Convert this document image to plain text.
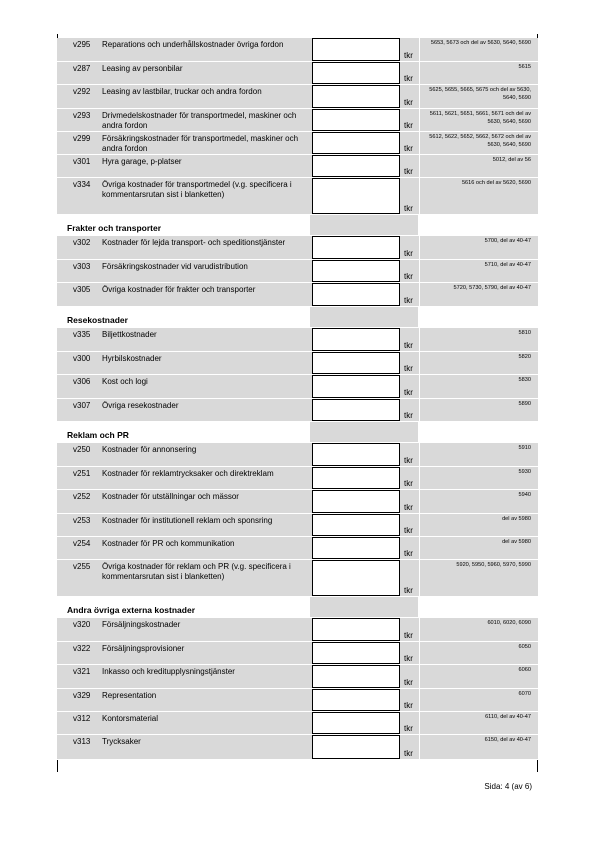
v295 Reparations och underhållskostnader övriga fordon
tkr
5653, 5673 och del av 5630, 5640, 5690
v287 Leasing av personbilar
tkr
5615
v292 Leasing av lastbilar, truckar och andra fordon
tkr
5625, 5655, 5665, 5675 och del av 5630, 5640, 5690
v293 Drivmedelskostnader för transportmedel, maskiner och andra fordon	tkr
5611, 5621, 5651, 5661, 5671 och del av 5630, 5640, 5690
v299 Försäkringskostnader för transportmedel, maskiner och andra fordon	tkr
5612, 5622, 5652, 5662, 5672 och del av 5630, 5640, 5690
v301 Hyra garage, p-platser
tkr
5012, del av 56
v334 Övriga kostnader för transportmedel (v.g. specificera i kommentarsrutan sist i blanketten)
tkr
5616 och del av 5620, 5690
Frakter och transporter
v302 Kostnader för lejda transport- och speditionstjänster
tkr
5700, del av 40-47
v303 Försäkringskostnader vid varudistribution
tkr
5710, del av 40-47
v305 Övriga kostnader för frakter och transporter
tkr
5720, 5730, 5790, del av 40-47
Resekostnader
v335 Biljettkostnader
tkr
5810
v300 Hyrbilskostnader
tkr
5820
v306 Kost och logi
tkr
5830
v307 Övriga resekostnader
tkr
5890
Reklam och PR
v250 Kostnader för annonsering
tkr
5910
v251 Kostnader för reklamtrycksaker och direktreklam
tkr
5930
v252 Kostnader för utställningar och mässor
tkr
5940
v253 Kostnader för institutionell reklam och sponsring
tkr
del av 5980
v254 Kostnader för PR och kommunikation
tkr
del av 5980
v255 Övriga kostnader för reklam och PR (v.g. specificera i kommentarsrutan sist i blanketten)
tkr
5920, 5950, 5960, 5970, 5990
Andra övriga externa kostnader
v320 Försäljningskostnader
tkr
6010, 6020, 6090
v322 Försäljningsprovisioner
tkr
6050
v321 Inkasso och kreditupplysningstjänster
tkr
6060
v329 Representation
tkr
6070
v312 Kontorsmaterial
tkr
6110, del av 40-47
v313 Trycksaker
tkr
6150, del av 40-47
Sida: 4 (av 6)
